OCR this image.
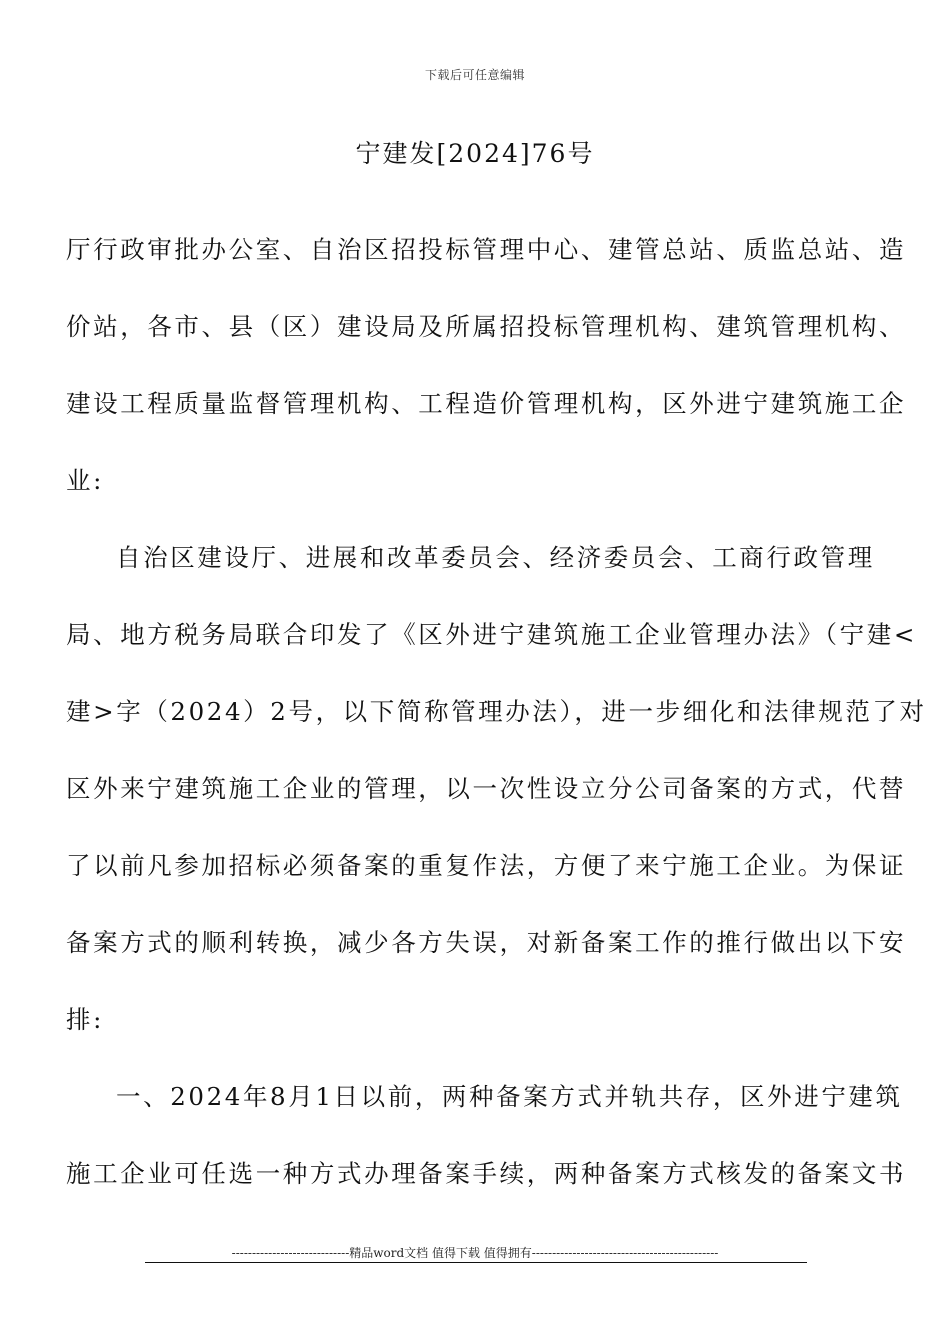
下载后可任意编辑
宁建发[2024]76号
厅行政审批办公室、自治区招投标管理中心、建管总站、质监总站、造
价站，各市、县（区）建设局及所属招投标管理机构、建筑管理机构、
建设工程质量监督管理机构、工程造价管理机构，区外进宁建筑施工企
业:
自治区建设厅、进展和改革委员会、经济委员会、工商行政管理
局、地方税务局联合印发了《区外进宁建筑施工企业管理办法》（宁建<
建>字（2024）2号，以下简称管理办法），进一步细化和法律规范了对
区外来宁建筑施工企业的管理，以一次性设立分公司备案的方式，代替
了以前凡参加招标必须备案的重复作法，方便了来宁施工企业。为保证
备案方式的顺利转换，减少各方失误，对新备案工作的推行做出以下安
排:
一、2024年8月1日以前，两种备案方式并轨共存，区外进宁建筑
施工企业可任选一种方式办理备案手续，两种备案方式核发的备案文书
-----------------------------精品word文档 值得下载 值得拥有----------------------------------------------
